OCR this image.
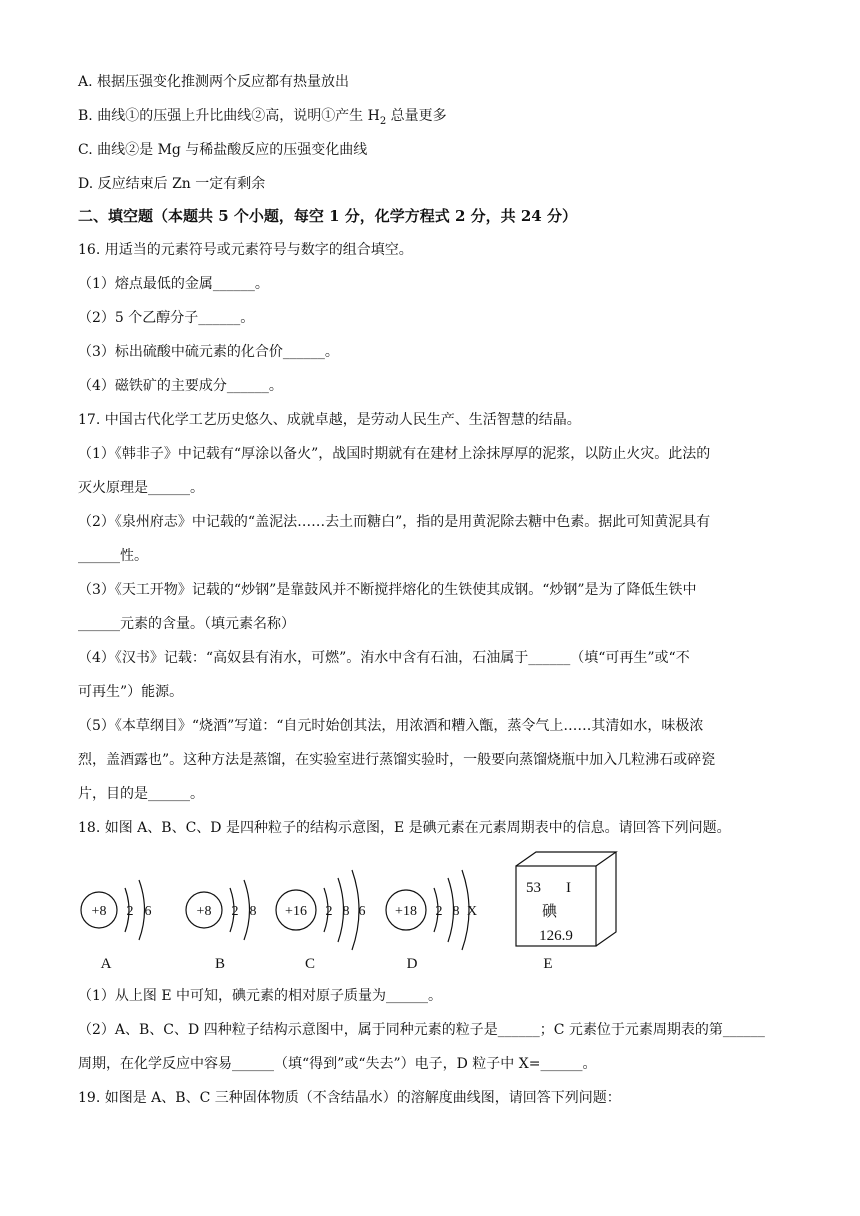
A. 根据压强变化推测两个反应都有热量放出
B. 曲线①的压强上升比曲线②高，说明①产生 $H_2$ 总量更多
C. 曲线②是 Mg 与稀盐酸反应的压强变化曲线
D. 反应结束后 Zn 一定有剩余
二、填空题（本题共 5 个小题，每空 1 分，化学方程式 2 分，共 24 分）
16. 用适当的元素符号或元素符号与数字的组合填空。
（1）熔点最低的金属______。
（2）5 个乙醇分子______。
（3）标出硫酸中硫元素的化合价______。
（4）磁铁矿的主要成分______。
17. 中国古代化学工艺历史悠久、成就卓越，是劳动人民生产、生活智慧的结晶。
（1）《韩非子》中记载有“厚涂以备火”，战国时期就有在建材上涂抹厚厚的泥浆，以防止火灾。此法的
灭火原理是______。
（2）《泉州府志》中记载的“盖泥法……去土而糖白”，指的是用黄泥除去糖中色素。据此可知黄泥具有
______性。
（3）《天工开物》记载的“炒钢”是靠鼓风并不断搅拌熔化的生铁使其成钢。“炒钢”是为了降低生铁中
______元素的含量。（填元素名称）
（4）《汉书》记载：“高奴县有洧水，可燃”。洧水中含有石油，石油属于______（填“可再生”或“不
可再生”）能源。
（5）《本草纲目》“烧酒”写道：“自元时始创其法，用浓酒和糟入甑，蒸令气上……其清如水，味极浓
烈，盖酒露也”。这种方法是蒸馏，在实验室进行蒸馏实验时，一般要向蒸馏烧瓶中加入几粒沸石或碎瓷
片，目的是______。
18. 如图 A、B、C、D 是四种粒子的结构示意图，E 是碘元素在元素周期表中的信息。请回答下列问题。
+8 2 6
A
+8 2 8
B
+16 2 8 6
C
+18 2 8 X
D
53 I
碘
126.9
E
（1）从上图 E 中可知，碘元素的相对原子质量为______。
（2）A、B、C、D 四种粒子结构示意图中，属于同种元素的粒子是______；C 元素位于元素周期表的第______
周期，在化学反应中容易______（填“得到”或“失去”）电子，D 粒子中 X=______。
19. 如图是 A、B、C 三种固体物质（不含结晶水）的溶解度曲线图，请回答下列问题：
